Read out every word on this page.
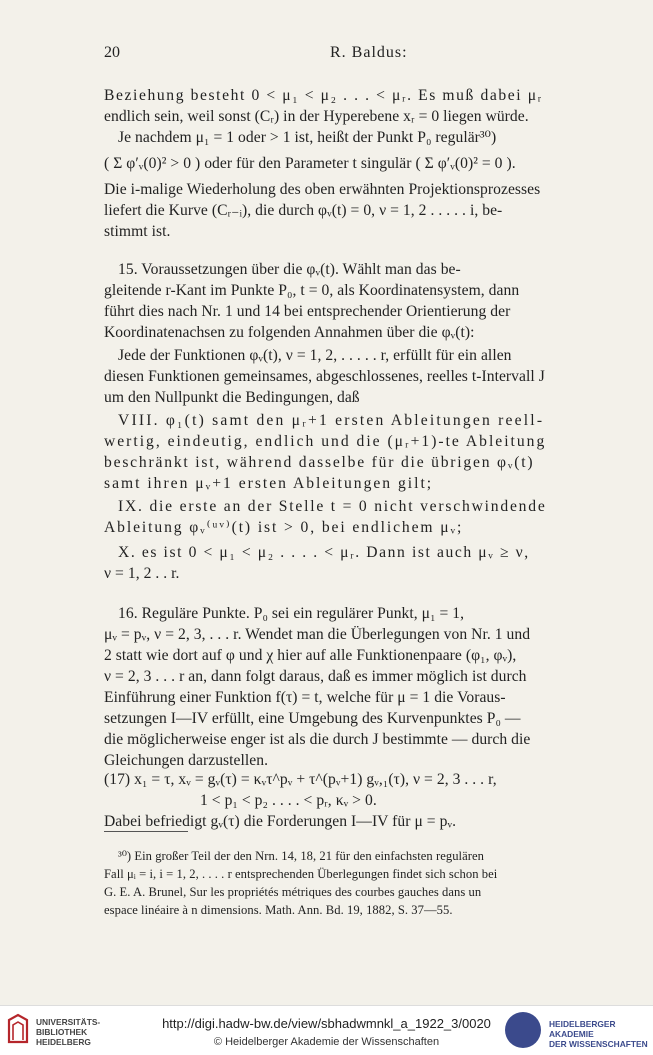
20	R. Baldus:
Beziehung besteht 0 < μ₁ < μ₂ . . . < μᵣ. Es muß dabei μᵣ
endlich sein, weil sonst (Cᵣ) in der Hyperebene xᵣ = 0 liegen würde.
Je nachdem μ₁ = 1 oder > 1 ist, heißt der Punkt P₀ regulär³⁰)
( Σ φ′ᵥ(0)² > 0 ) oder für den Parameter t singulär ( Σ φ′ᵥ(0)² = 0 ).
Die i-malige Wiederholung des oben erwähnten Projektionsprozesses
liefert die Kurve (Cᵣ₋ᵢ), die durch φᵥ(t) = 0, ν = 1, 2 . . . . . i, be-
stimmt ist.
15. Voraussetzungen über die φᵥ(t). Wählt man das be-
gleitende r-Kant im Punkte P₀, t = 0, als Koordinatensystem, dann
führt dies nach Nr. 1 und 14 bei entsprechender Orientierung der
Koordinatenachsen zu folgenden Annahmen über die φᵥ(t):
Jede der Funktionen φᵥ(t), ν = 1, 2, . . . . . r, erfüllt für ein allen
diesen Funktionen gemeinsames, abgeschlossenes, reelles t-Intervall J
um den Nullpunkt die Bedingungen, daß
VIII. φ₁(t) samt den μᵣ+1 ersten Ableitungen reell-
wertig, eindeutig, endlich und die (μᵣ+1)-te Ableitung
beschränkt ist, während dasselbe für die übrigen φᵥ(t)
samt ihren μᵥ+1 ersten Ableitungen gilt;
IX. die erste an der Stelle t = 0 nicht verschwindende
Ableitung φᵥ⁽ᵘᵛ⁾(t) ist > 0, bei endlichem μᵥ;
X. es ist 0 < μ₁ < μ₂ . . . . < μᵣ. Dann ist auch μᵥ ≥ ν,
ν = 1, 2 . . r.
16. Reguläre Punkte. P₀ sei ein regulärer Punkt, μ₁ = 1,
μᵥ = pᵥ, ν = 2, 3, . . . r. Wendet man die Überlegungen von Nr. 1 und
2 statt wie dort auf φ und χ hier auf alle Funktionenpaare (φ₁, φᵥ),
ν = 2, 3 . . . r an, dann folgt daraus, daß es immer möglich ist durch
Einführung einer Funktion f(τ) = t, welche für μ = 1 die Voraus-
setzungen I—IV erfüllt, eine Umgebung des Kurvenpunktes P₀ —
die möglicherweise enger ist als die durch J bestimmte — durch die
Gleichungen darzustellen.
(17) x₁ = τ, xᵥ = gᵥ(τ) = κᵥτ^pᵥ + τ^(pᵥ+1) gᵥ,₁(τ), ν = 2, 3 . . . r,
1 < p₁ < p₂ . . . . < pᵣ, κᵥ > 0.
Dabei befriedigt gᵥ(τ) die Forderungen I—IV für μ = pᵥ.
³⁰) Ein großer Teil der den Nrn. 14, 18, 21 für den einfachsten regulären
Fall μᵢ = i, i = 1, 2, . . . . r entsprechenden Überlegungen findet sich schon bei
G. E. A. Brunel, Sur les propriétés métriques des courbes gauches dans un
espace linéaire à n dimensions. Math. Ann. Bd. 19, 1882, S. 37—55.
UNIVERSITÄTS-
BIBLIOTHEK
HEIDELBERG
http://digi.hadw-bw.de/view/sbhadwmnkl_a_1922_3/0020
© Heidelberger Akademie der Wissenschaften
HEIDELBERGER AKADEMIE
DER WISSENSCHAFTEN
